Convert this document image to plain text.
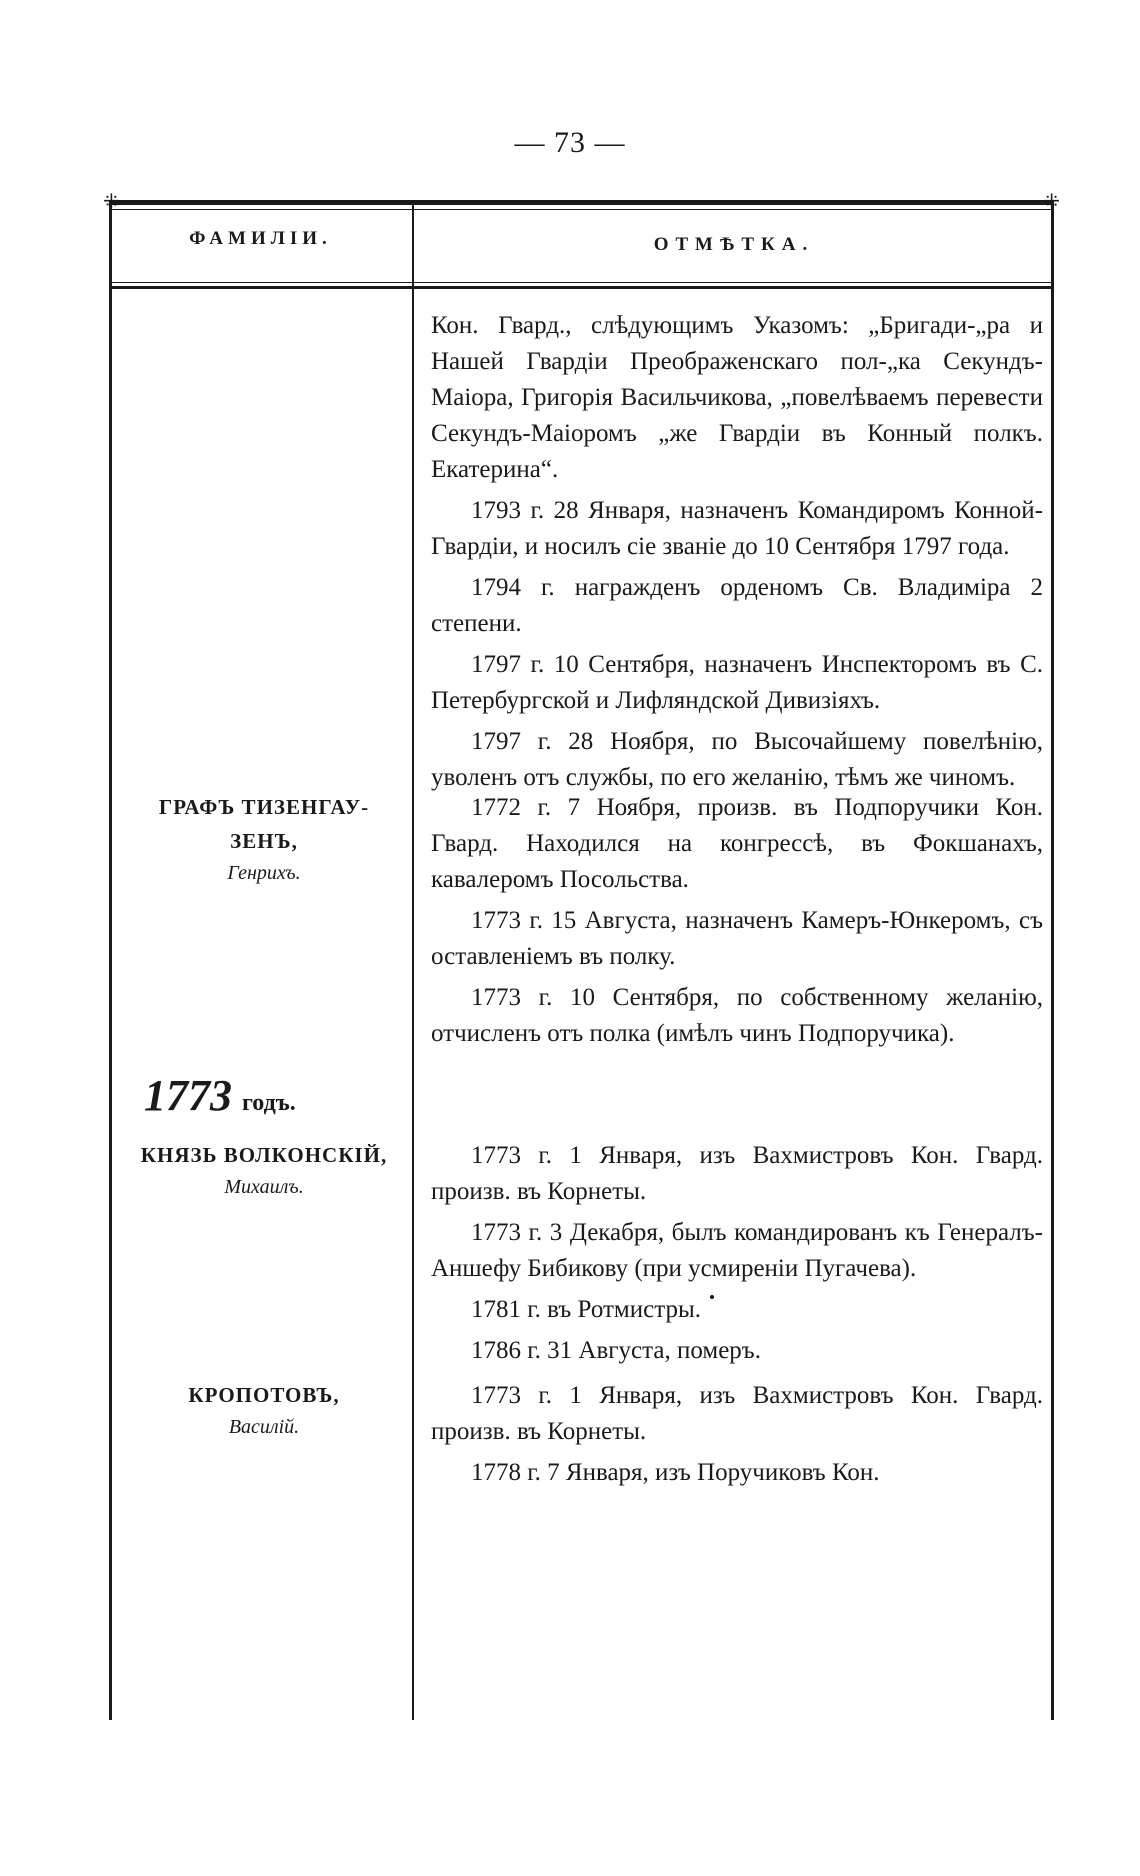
— 73 —
⁜	⁜
ФАМИЛІИ.	ОТМѢТКА.

Кон. Гвард., слѣдующимъ Указомъ: „Бригади-„ра и Нашей Гвардіи Преображенскаго пол-„ка Секундъ-Маіора, Григорія Васильчикова, „повелѣваемъ перевести Секундъ-Маіоромъ „же Гвардіи въ Конный полкъ. Екатерина“.

1793 г. 28 Января, назначенъ Командиромъ Конной-Гвардіи, и носилъ сіе званіе до 10 Сентября 1797 года.

1794 г. награжденъ орденомъ Св. Владиміра 2 степени.

1797 г. 10 Сентября, назначенъ Инспекторомъ въ С. Петербургской и Лифляндской Дивизіяхъ.

1797 г. 28 Ноября, по Высочайшему повелѣнію, уволенъ отъ службы, по его желанію, тѣмъ же чиномъ.

ГРАФЪ ТИЗЕНГАУ-ЗЕНЪ,
Генрихъ.

1772 г. 7 Ноября, произв. въ Подпоручики Кон. Гвард. Находился на конгрессѣ, въ Фокшанахъ, кавалеромъ Посольства.

1773 г. 15 Августа, назначенъ Камеръ-Юнкеромъ, съ оставленіемъ въ полку.

1773 г. 10 Сентября, по собственному желанію, отчисленъ отъ полка (имѣлъ чинъ Подпоручика).

1773 годъ.
КНЯЗЬ ВОЛКОНСКІЙ,
Михаилъ.

1773 г. 1 Января, изъ Вахмистровъ Кон. Гвард. произв. въ Корнеты.

1773 г. 3 Декабря, былъ командированъ къ Генералъ-Аншефу Бибикову (при усмиреніи Пугачева).

1781 г. въ Ротмистры.

1786 г. 31 Августа, померъ.

КРОПОТОВЪ,
Василій.

1773 г. 1 Января, изъ Вахмистровъ Кон. Гвард. произв. въ Корнеты.

1778 г. 7 Января, изъ Поручиковъ Кон.
